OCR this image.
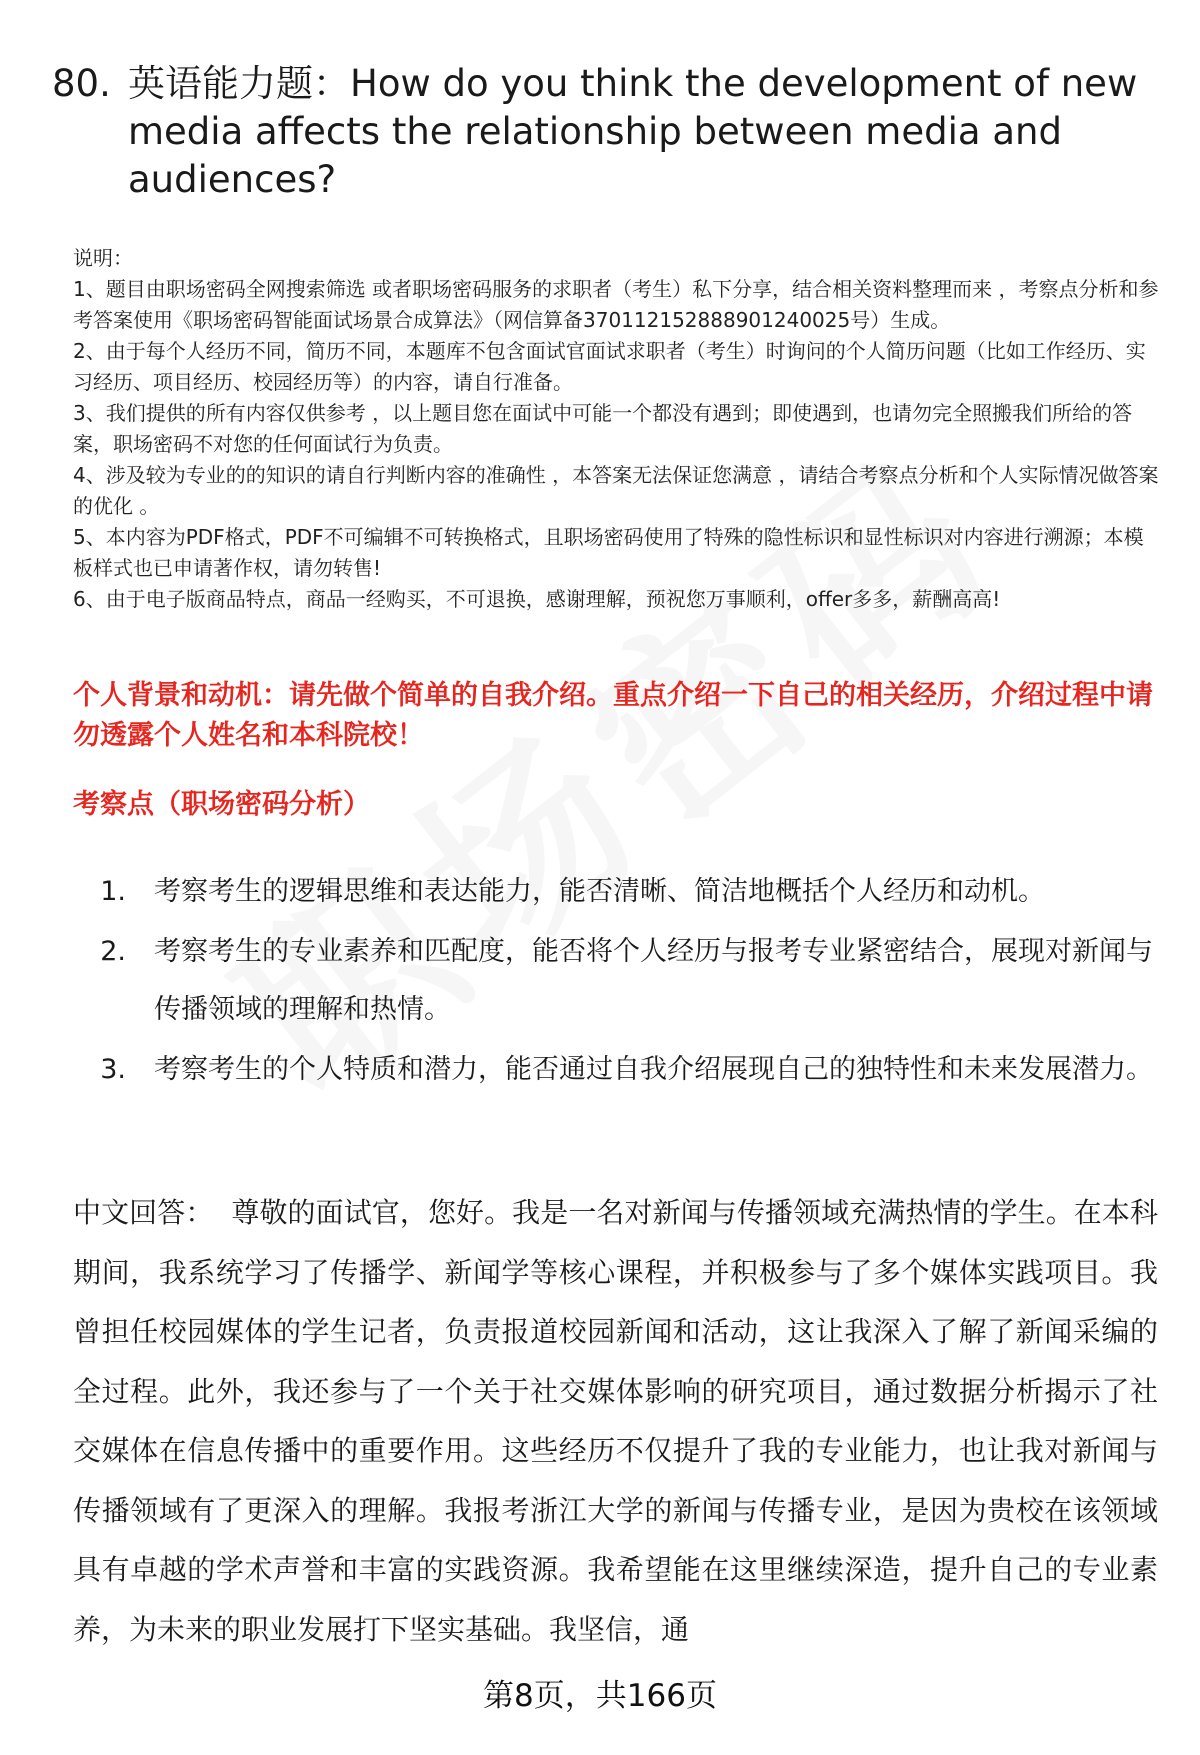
80. 英语能力题：How do you think the development of new media affects the relationship between media and audiences?

说明：

1、题目由职场密码全网搜索筛选 或者职场密码服务的求职者（考生）私下分享，结合相关资料整理而来 ，考察点分析和参考答案使用《职场密码智能面试场景合成算法》（网信算备370112152888901240025号）生成。

2、由于每个人经历不同，简历不同，本题库不包含面试官面试求职者（考生）时询问的个人简历问题（比如工作经历、实习经历、项目经历、校园经历等）的内容，请自行准备。

3、我们提供的所有内容仅供参考 ，以上题目您在面试中可能一个都没有遇到；即使遇到，也请勿完全照搬我们所给的答案，职场密码不对您的任何面试行为负责。

4、涉及较为专业的的知识的请自行判断内容的准确性 ，本答案无法保证您满意 ，请结合考察点分析和个人实际情况做答案的优化 。

5、本内容为PDF格式，PDF不可编辑不可转换格式，且职场密码使用了特殊的隐性标识和显性标识对内容进行溯源；本模板样式也已申请著作权，请勿转售!

6、由于电子版商品特点，商品一经购买，不可退换，感谢理解，预祝您万事顺利，offer多多，薪酬高高!

个人背景和动机：请先做个简单的自我介绍。重点介绍一下自己的相关经历，介绍过程中请勿透露个人姓名和本科院校！
考察点（职场密码分析）
1.	考察考生的逻辑思维和表达能力，能否清晰、简洁地概括个人经历和动机。
2.	考察考生的专业素养和匹配度，能否将个人经历与报考专业紧密结合，展现对新闻与传播领域的理解和热情。
3.	考察考生的个人特质和潜力，能否通过自我介绍展现自己的独特性和未来发展潜力。

中文回答： 尊敬的面试官，您好。我是一名对新闻与传播领域充满热情的学生。在本科期间，我系统学习了传播学、新闻学等核心课程，并积极参与了多个媒体实践项目。我曾担任校园媒体的学生记者，负责报道校园新闻和活动，这让我深入了解了新闻采编的全过程。此外，我还参与了一个关于社交媒体影响的研究项目，通过数据分析揭示了社交媒体在信息传播中的重要作用。这些经历不仅提升了我的专业能力，也让我对新闻与传播领域有了更深入的理解。我报考浙江大学的新闻与传播专业，是因为贵校在该领域具有卓越的学术声誉和丰富的实践资源。我希望能在这里继续深造，提升自己的专业素养，为未来的职业发展打下坚实基础。我坚信，通

第8页，共166页
